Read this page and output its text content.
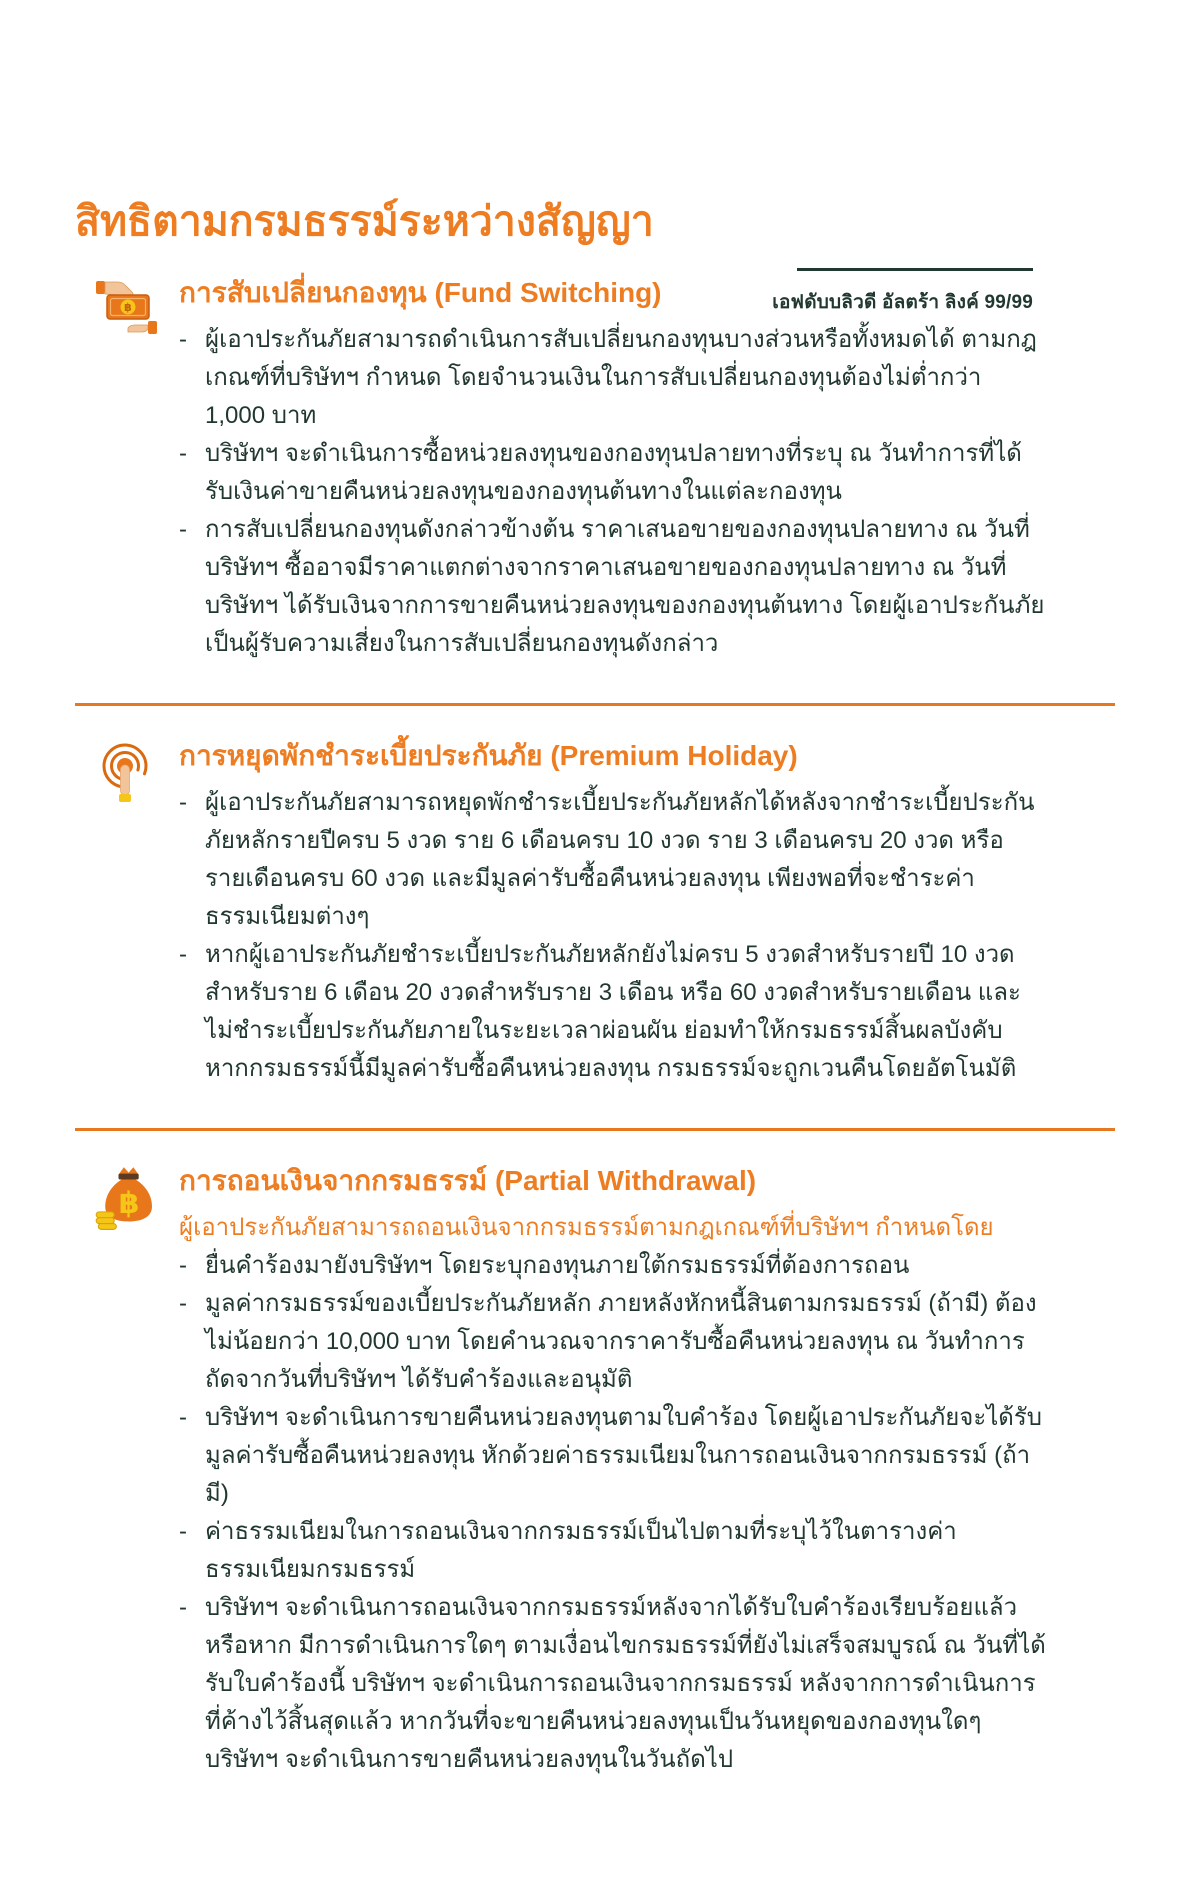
เอฟดับบลิวดี อัลตร้า ลิงค์ 99/99
สิทธิตามกรมธรรม์ระหว่างสัญญา
฿ การสับเปลี่ยนกองทุน (Fund Switching)
- ผู้เอาประกันภัยสามารถดำเนินการสับเปลี่ยนกองทุนบางส่วนหรือทั้งหมดได้ ตามกฎเกณฑ์ที่บริษัทฯ กำหนด โดยจำนวนเงินในการสับเปลี่ยนกองทุนต้องไม่ต่ำกว่า 1,000 บาท
- บริษัทฯ จะดำเนินการซื้อหน่วยลงทุนของกองทุนปลายทางที่ระบุ ณ วันทำการที่ได้รับเงินค่าขายคืนหน่วยลงทุนของกองทุนต้นทางในแต่ละกองทุน
- การสับเปลี่ยนกองทุนดังกล่าวข้างต้น ราคาเสนอขายของกองทุนปลายทาง ณ วันที่บริษัทฯ ซื้ออาจมีราคาแตกต่างจากราคาเสนอขายของกองทุนปลายทาง ณ วันที่บริษัทฯ ได้รับเงินจากการขายคืนหน่วยลงทุนของกองทุนต้นทาง โดยผู้เอาประกันภัยเป็นผู้รับความเสี่ยงในการสับเปลี่ยนกองทุนดังกล่าว
การหยุดพักชำระเบี้ยประกันภัย (Premium Holiday)
- ผู้เอาประกันภัยสามารถหยุดพักชำระเบี้ยประกันภัยหลักได้หลังจากชำระเบี้ยประกันภัยหลักรายปีครบ 5 งวด ราย 6 เดือนครบ 10 งวด ราย 3 เดือนครบ 20 งวด หรือ รายเดือนครบ 60 งวด และมีมูลค่ารับซื้อคืนหน่วยลงทุน เพียงพอที่จะชำระค่าธรรมเนียมต่างๆ
- หากผู้เอาประกันภัยชำระเบี้ยประกันภัยหลักยังไม่ครบ 5 งวดสำหรับรายปี 10 งวดสำหรับราย 6 เดือน 20 งวดสำหรับราย 3 เดือน หรือ 60 งวดสำหรับรายเดือน และไม่ชำระเบี้ยประกันภัยภายในระยะเวลาผ่อนผัน ย่อมทำให้กรมธรรม์สิ้นผลบังคับ หากกรมธรรม์นี้มีมูลค่ารับซื้อคืนหน่วยลงทุน กรมธรรม์จะถูกเวนคืนโดยอัตโนมัติ
฿
การถอนเงินจากกรมธรรม์ (Partial Withdrawal)

ผู้เอาประกันภัยสามารถถอนเงินจากกรมธรรม์ตามกฎเกณฑ์ที่บริษัทฯ กำหนดโดย

- ยื่นคำร้องมายังบริษัทฯ โดยระบุกองทุนภายใต้กรมธรรม์ที่ต้องการถอน
- มูลค่ากรมธรรม์ของเบี้ยประกันภัยหลัก ภายหลังหักหนี้สินตามกรมธรรม์ (ถ้ามี) ต้องไม่น้อยกว่า 10,000 บาท โดยคำนวณจากราคารับซื้อคืนหน่วยลงทุน ณ วันทำการถัดจากวันที่บริษัทฯ ได้รับคำร้องและอนุมัติ
- บริษัทฯ จะดำเนินการขายคืนหน่วยลงทุนตามใบคำร้อง โดยผู้เอาประกันภัยจะได้รับมูลค่ารับซื้อคืนหน่วยลงทุน หักด้วยค่าธรรมเนียมในการถอนเงินจากกรมธรรม์ (ถ้ามี)
- ค่าธรรมเนียมในการถอนเงินจากกรมธรรม์เป็นไปตามที่ระบุไว้ในตารางค่าธรรมเนียมกรมธรรม์
- บริษัทฯ จะดำเนินการถอนเงินจากกรมธรรม์หลังจากได้รับใบคำร้องเรียบร้อยแล้วหรือหาก มีการดำเนินการใดๆ ตามเงื่อนไขกรมธรรม์ที่ยังไม่เสร็จสมบูรณ์ ณ วันที่ได้รับใบคำร้องนี้ บริษัทฯ จะดำเนินการถอนเงินจากกรมธรรม์ หลังจากการดำเนินการที่ค้างไว้สิ้นสุดแล้ว หากวันที่จะขายคืนหน่วยลงทุนเป็นวันหยุดของกองทุนใดๆ บริษัทฯ จะดำเนินการขายคืนหน่วยลงทุนในวันถัดไป
